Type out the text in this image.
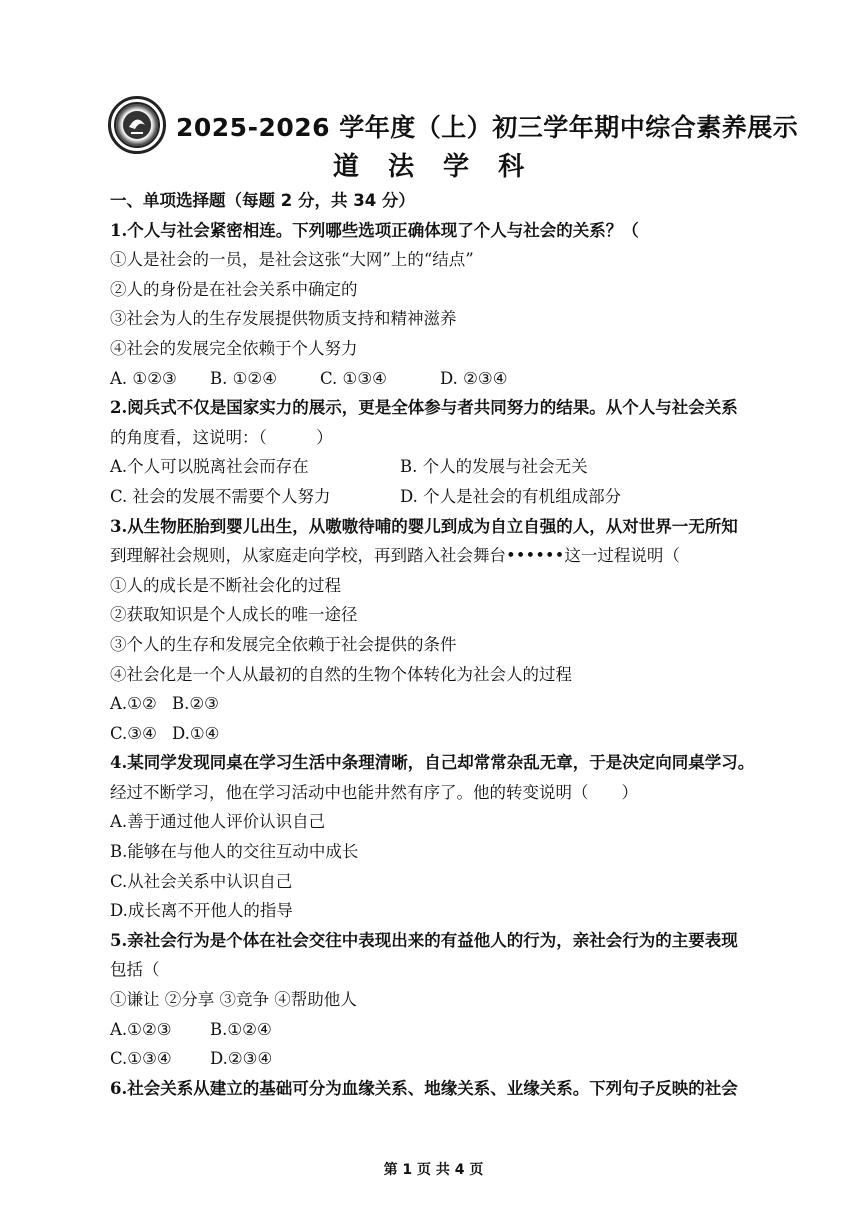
2025-2026 学年度（上）初三学年期中综合素养展示
道 法 学 科
一、单项选择题（每题 2 分，共 34 分）
1.个人与社会紧密相连。下列哪些选项正确体现了个人与社会的关系？（
①人是社会的一员，是社会这张“大网”上的“结点”
②人的身份是在社会关系中确定的
③社会为人的生存发展提供物质支持和精神滋养
④社会的发展完全依赖于个人努力
A. ①②③	B. ①②④	C. ①③④	D. ②③④
2.阅兵式不仅是国家实力的展示，更是全体参与者共同努力的结果。从个人与社会关系
的角度看，这说明：（　　　）
A.个人可以脱离社会而存在	B. 个人的发展与社会无关
C. 社会的发展不需要个人努力	D. 个人是社会的有机组成部分
3.从生物胚胎到婴儿出生，从嗷嗷待哺的婴儿到成为自立自强的人，从对世界一无所知
到理解社会规则，从家庭走向学校，再到踏入社会舞台••••••这一过程说明（
①人的成长是不断社会化的过程
②获取知识是个人成长的唯一途径
③个人的生存和发展完全依赖于社会提供的条件
④社会化是一个人从最初的自然的生物个体转化为社会人的过程
A.①② B.②③
C.③④ D.①④
4.某同学发现同桌在学习生活中条理清晰，自己却常常杂乱无章，于是决定向同桌学习。
经过不断学习，他在学习活动中也能井然有序了。他的转变说明（　　）
A.善于通过他人评价认识自己
B.能够在与他人的交往互动中成长
C.从社会关系中认识自己
D.成长离不开他人的指导
5.亲社会行为是个体在社会交往中表现出来的有益他人的行为，亲社会行为的主要表现
包括（
①谦让 ②分享 ③竞争 ④帮助他人
A.①②③	B.①②④
C.①③④	D.②③④
6.社会关系从建立的基础可分为血缘关系、地缘关系、业缘关系。下列句子反映的社会
第 1 页 共 4 页
